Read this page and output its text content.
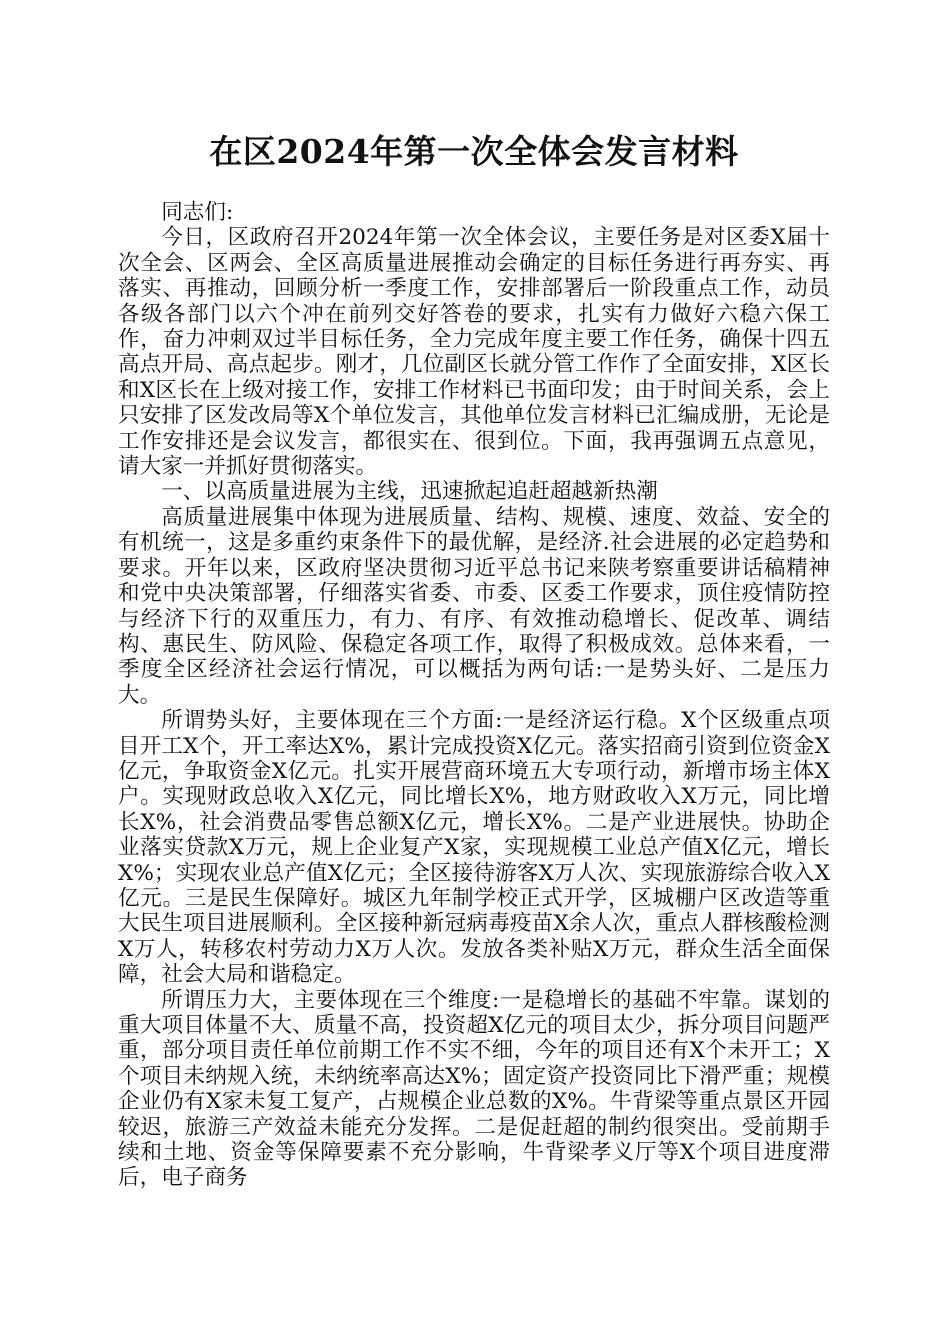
在区2024年第一次全体会发言材料

同志们:

今日，区政府召开2024年第一次全体会议，主要任务是对区委X届十次全会、区两会、全区高质量进展推动会确定的目标任务进行再夯实、再落实、再推动，回顾分析一季度工作，安排部署后一阶段重点工作，动员各级各部门以六个冲在前列交好答卷的要求，扎实有力做好六稳六保工作，奋力冲刺双过半目标任务，全力完成年度主要工作任务，确保十四五高点开局、高点起步。刚才，几位副区长就分管工作作了全面安排，X区长和X区长在上级对接工作，安排工作材料已书面印发；由于时间关系，会上只安排了区发改局等X个单位发言，其他单位发言材料已汇编成册，无论是工作安排还是会议发言，都很实在、很到位。下面，我再强调五点意见，请大家一并抓好贯彻落实。

一、以高质量进展为主线，迅速掀起追赶超越新热潮

高质量进展集中体现为进展质量、结构、规模、速度、效益、安全的有机统一，这是多重约束条件下的最优解，是经济.社会进展的必定趋势和要求。开年以来，区政府坚决贯彻习近平总书记来陕考察重要讲话稿精神和党中央决策部署，仔细落实省委、市委、区委工作要求，顶住疫情防控与经济下行的双重压力，有力、有序、有效推动稳增长、促改革、调结构、惠民生、防风险、保稳定各项工作，取得了积极成效。总体来看，一季度全区经济社会运行情况，可以概括为两句话:一是势头好、二是压力大。

所谓势头好，主要体现在三个方面:一是经济运行稳。X个区级重点项目开工X个，开工率达X%，累计完成投资X亿元。落实招商引资到位资金X亿元，争取资金X亿元。扎实开展营商环境五大专项行动，新增市场主体X户。实现财政总收入X亿元，同比增长X%，地方财政收入X万元，同比增长X%，社会消费品零售总额X亿元，增长X%。二是产业进展快。协助企业落实贷款X万元，规上企业复产X家，实现规模工业总产值X亿元，增长X%；实现农业总产值X亿元；全区接待游客X万人次、实现旅游综合收入X亿元。三是民生保障好。城区九年制学校正式开学，区城棚户区改造等重大民生项目进展顺利。全区接种新冠病毒疫苗X余人次，重点人群核酸检测X万人，转移农村劳动力X万人次。发放各类补贴X万元，群众生活全面保障，社会大局和谐稳定。

所谓压力大，主要体现在三个维度:一是稳增长的基础不牢靠。谋划的重大项目体量不大、质量不高，投资超X亿元的项目太少，拆分项目问题严重，部分项目责任单位前期工作不实不细，今年的项目还有X个未开工；X个项目未纳规入统，未纳统率高达X%；固定资产投资同比下滑严重；规模企业仍有X家未复工复产，占规模企业总数的X%。牛背梁等重点景区开园较迟，旅游三产效益未能充分发挥。二是促赶超的制约很突出。受前期手续和土地、资金等保障要素不充分影响，牛背梁孝义厅等X个项目进度滞后，电子商务
